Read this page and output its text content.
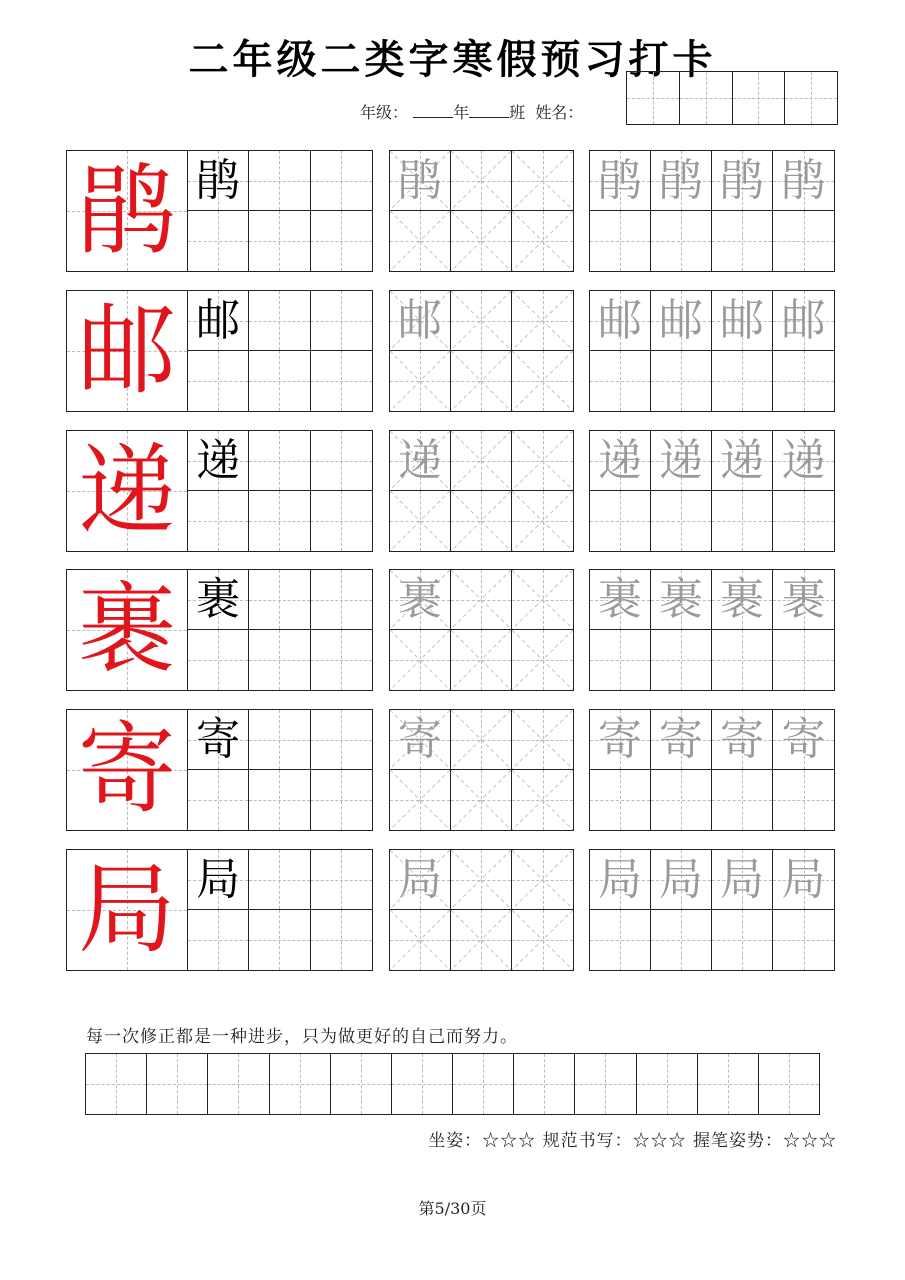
二年级二类字寒假预习打卡
年级：	年	班 姓名：
鹃 鹃	鹃	鹃 鹃 鹃 鹃
邮 邮	邮	邮 邮 邮 邮
递 递	递	递 递 递 递
裹 裹	裹	裹 裹 裹 裹
寄 寄	寄	寄 寄 寄 寄
局 局	局	局 局 局 局
每一次修正都是一种进步，只为做更好的自己而努力。
坐姿：☆☆☆ 规范书写：☆☆☆ 握笔姿势：☆☆☆
第5/30页
